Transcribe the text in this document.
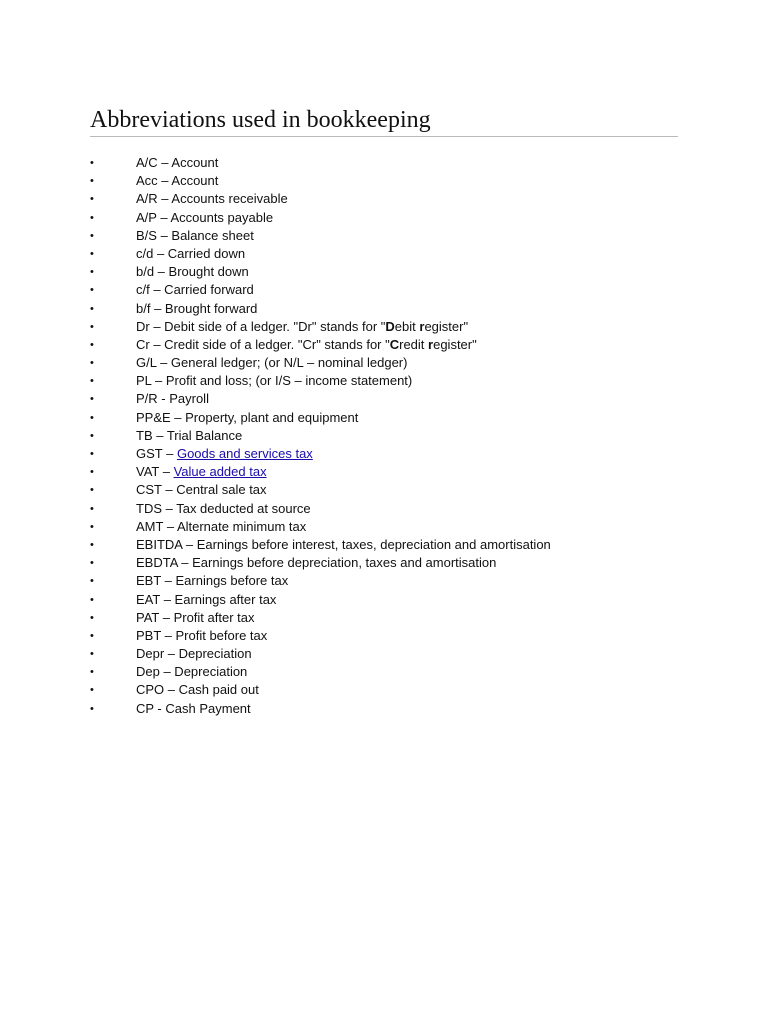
Abbreviations used in bookkeeping
•	A/C – Account
•	Acc – Account
•	A/R – Accounts receivable
•	A/P – Accounts payable
•	B/S – Balance sheet
•	c/d – Carried down
•	b/d – Brought down
•	c/f – Carried forward
•	b/f – Brought forward
•	Dr – Debit side of a ledger. "Dr" stands for "Debit register"
•	Cr – Credit side of a ledger. "Cr" stands for "Credit register"
•	G/L – General ledger; (or N/L – nominal ledger)
•	PL – Profit and loss; (or I/S – income statement)
•	P/R - Payroll
•	PP&E – Property, plant and equipment
•	TB – Trial Balance
•	GST – Goods and services tax
•	VAT – Value added tax
•	CST – Central sale tax
•	TDS – Tax deducted at source
•	AMT – Alternate minimum tax
•	EBITDA – Earnings before interest, taxes, depreciation and amortisation
•	EBDTA – Earnings before depreciation, taxes and amortisation
•	EBT – Earnings before tax
•	EAT – Earnings after tax
•	PAT – Profit after tax
•	PBT – Profit before tax
•	Depr – Depreciation
•	Dep – Depreciation
•	CPO – Cash paid out
•	CP - Cash Payment
